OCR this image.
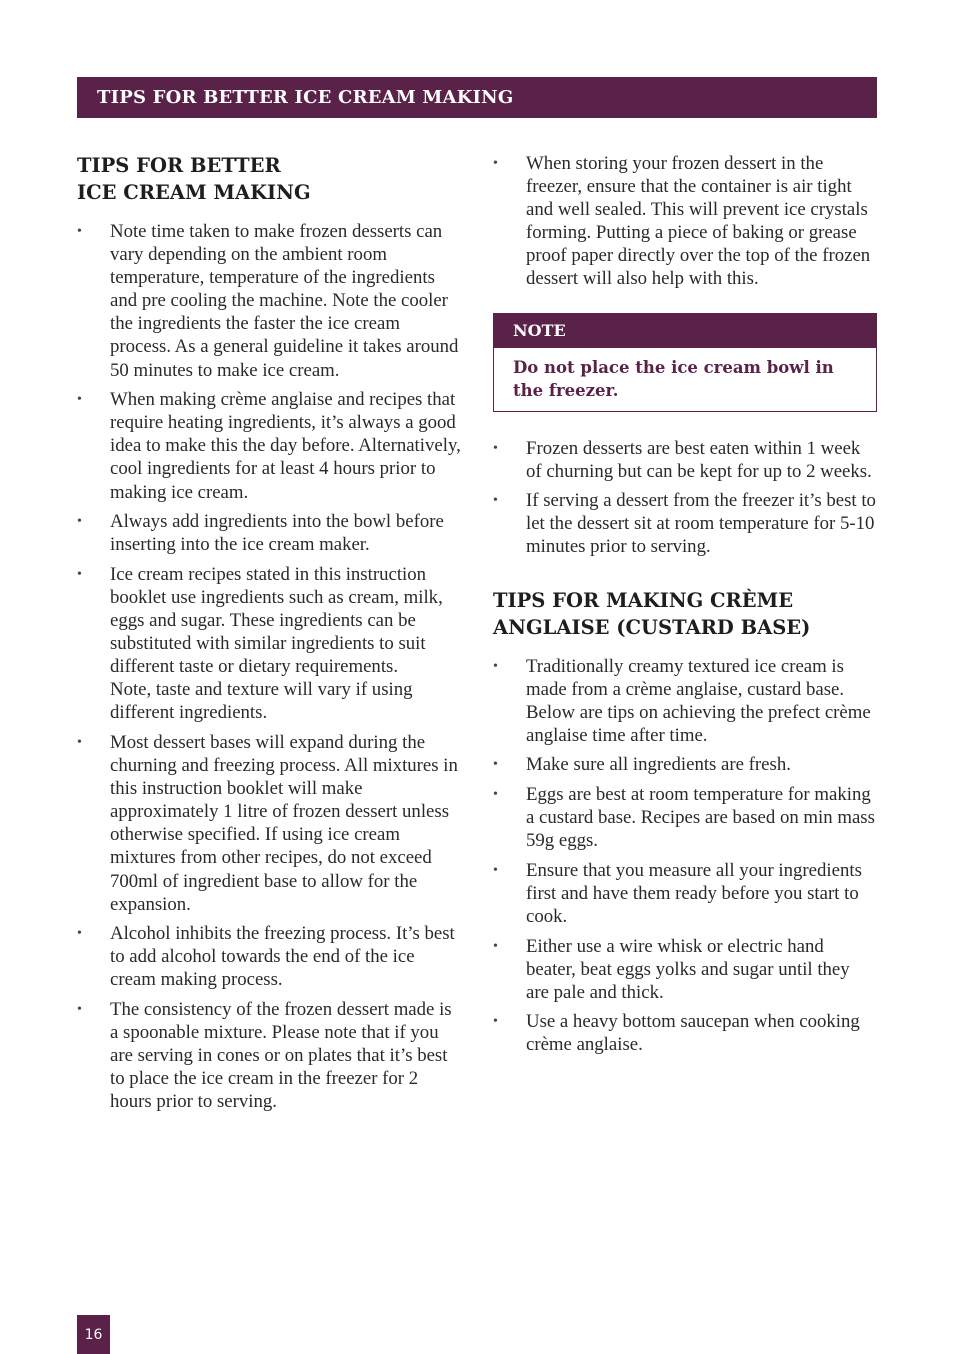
TIPS FOR BETTER ICE CREAM MAKING
TIPS FOR BETTER
ICE CREAM MAKING
• Note time taken to make frozen desserts can vary depending on the ambient room temperature, temperature of the ingredients and pre cooling the machine. Note the cooler the ingredients the faster the ice cream process. As a general guideline it takes around 50 minutes to make ice cream.
• When making crème anglaise and recipes that require heating ingredients, it’s always a good idea to make this the day before. Alternatively, cool ingredients for at least 4 hours prior to making ice cream.
• Always add ingredients into the bowl before inserting into the ice cream maker.
• Ice cream recipes stated in this instruction booklet use ingredients such as cream, milk, eggs and sugar. These ingredients can be substituted with similar ingredients to suit different taste or dietary requirements.
Note, taste and texture will vary if using different ingredients.
• Most dessert bases will expand during the churning and freezing process. All mixtures in this instruction booklet will make approximately 1 litre of frozen dessert unless otherwise specified. If using ice cream mixtures from other recipes, do not exceed 700ml of ingredient base to allow for the expansion.
• Alcohol inhibits the freezing process. It’s best to add alcohol towards the end of the ice cream making process.
• The consistency of the frozen dessert made is a spoonable mixture. Please note that if you are serving in cones or on plates that it’s best to place the ice cream in the freezer for 2 hours prior to serving.
• When storing your frozen dessert in the freezer, ensure that the container is air tight and well sealed. This will prevent ice crystals forming. Putting a piece of baking or grease proof paper directly over the top of the frozen dessert will also help with this.
NOTE
Do not place the ice cream bowl in the freezer.
• Frozen desserts are best eaten within 1 week of churning but can be kept for up to 2 weeks.
• If serving a dessert from the freezer it’s best to let the dessert sit at room temperature for 5-10 minutes prior to serving.
TIPS FOR MAKING CRÈME
ANGLAISE (CUSTARD BASE)
• Traditionally creamy textured ice cream is made from a crème anglaise, custard base. Below are tips on achieving the prefect crème anglaise time after time.
• Make sure all ingredients are fresh.
• Eggs are best at room temperature for making a custard base. Recipes are based on min mass 59g eggs.
• Ensure that you measure all your ingredients first and have them ready before you start to cook.
• Either use a wire whisk or electric hand beater, beat eggs yolks and sugar until they are pale and thick.
• Use a heavy bottom saucepan when cooking crème anglaise.
16
